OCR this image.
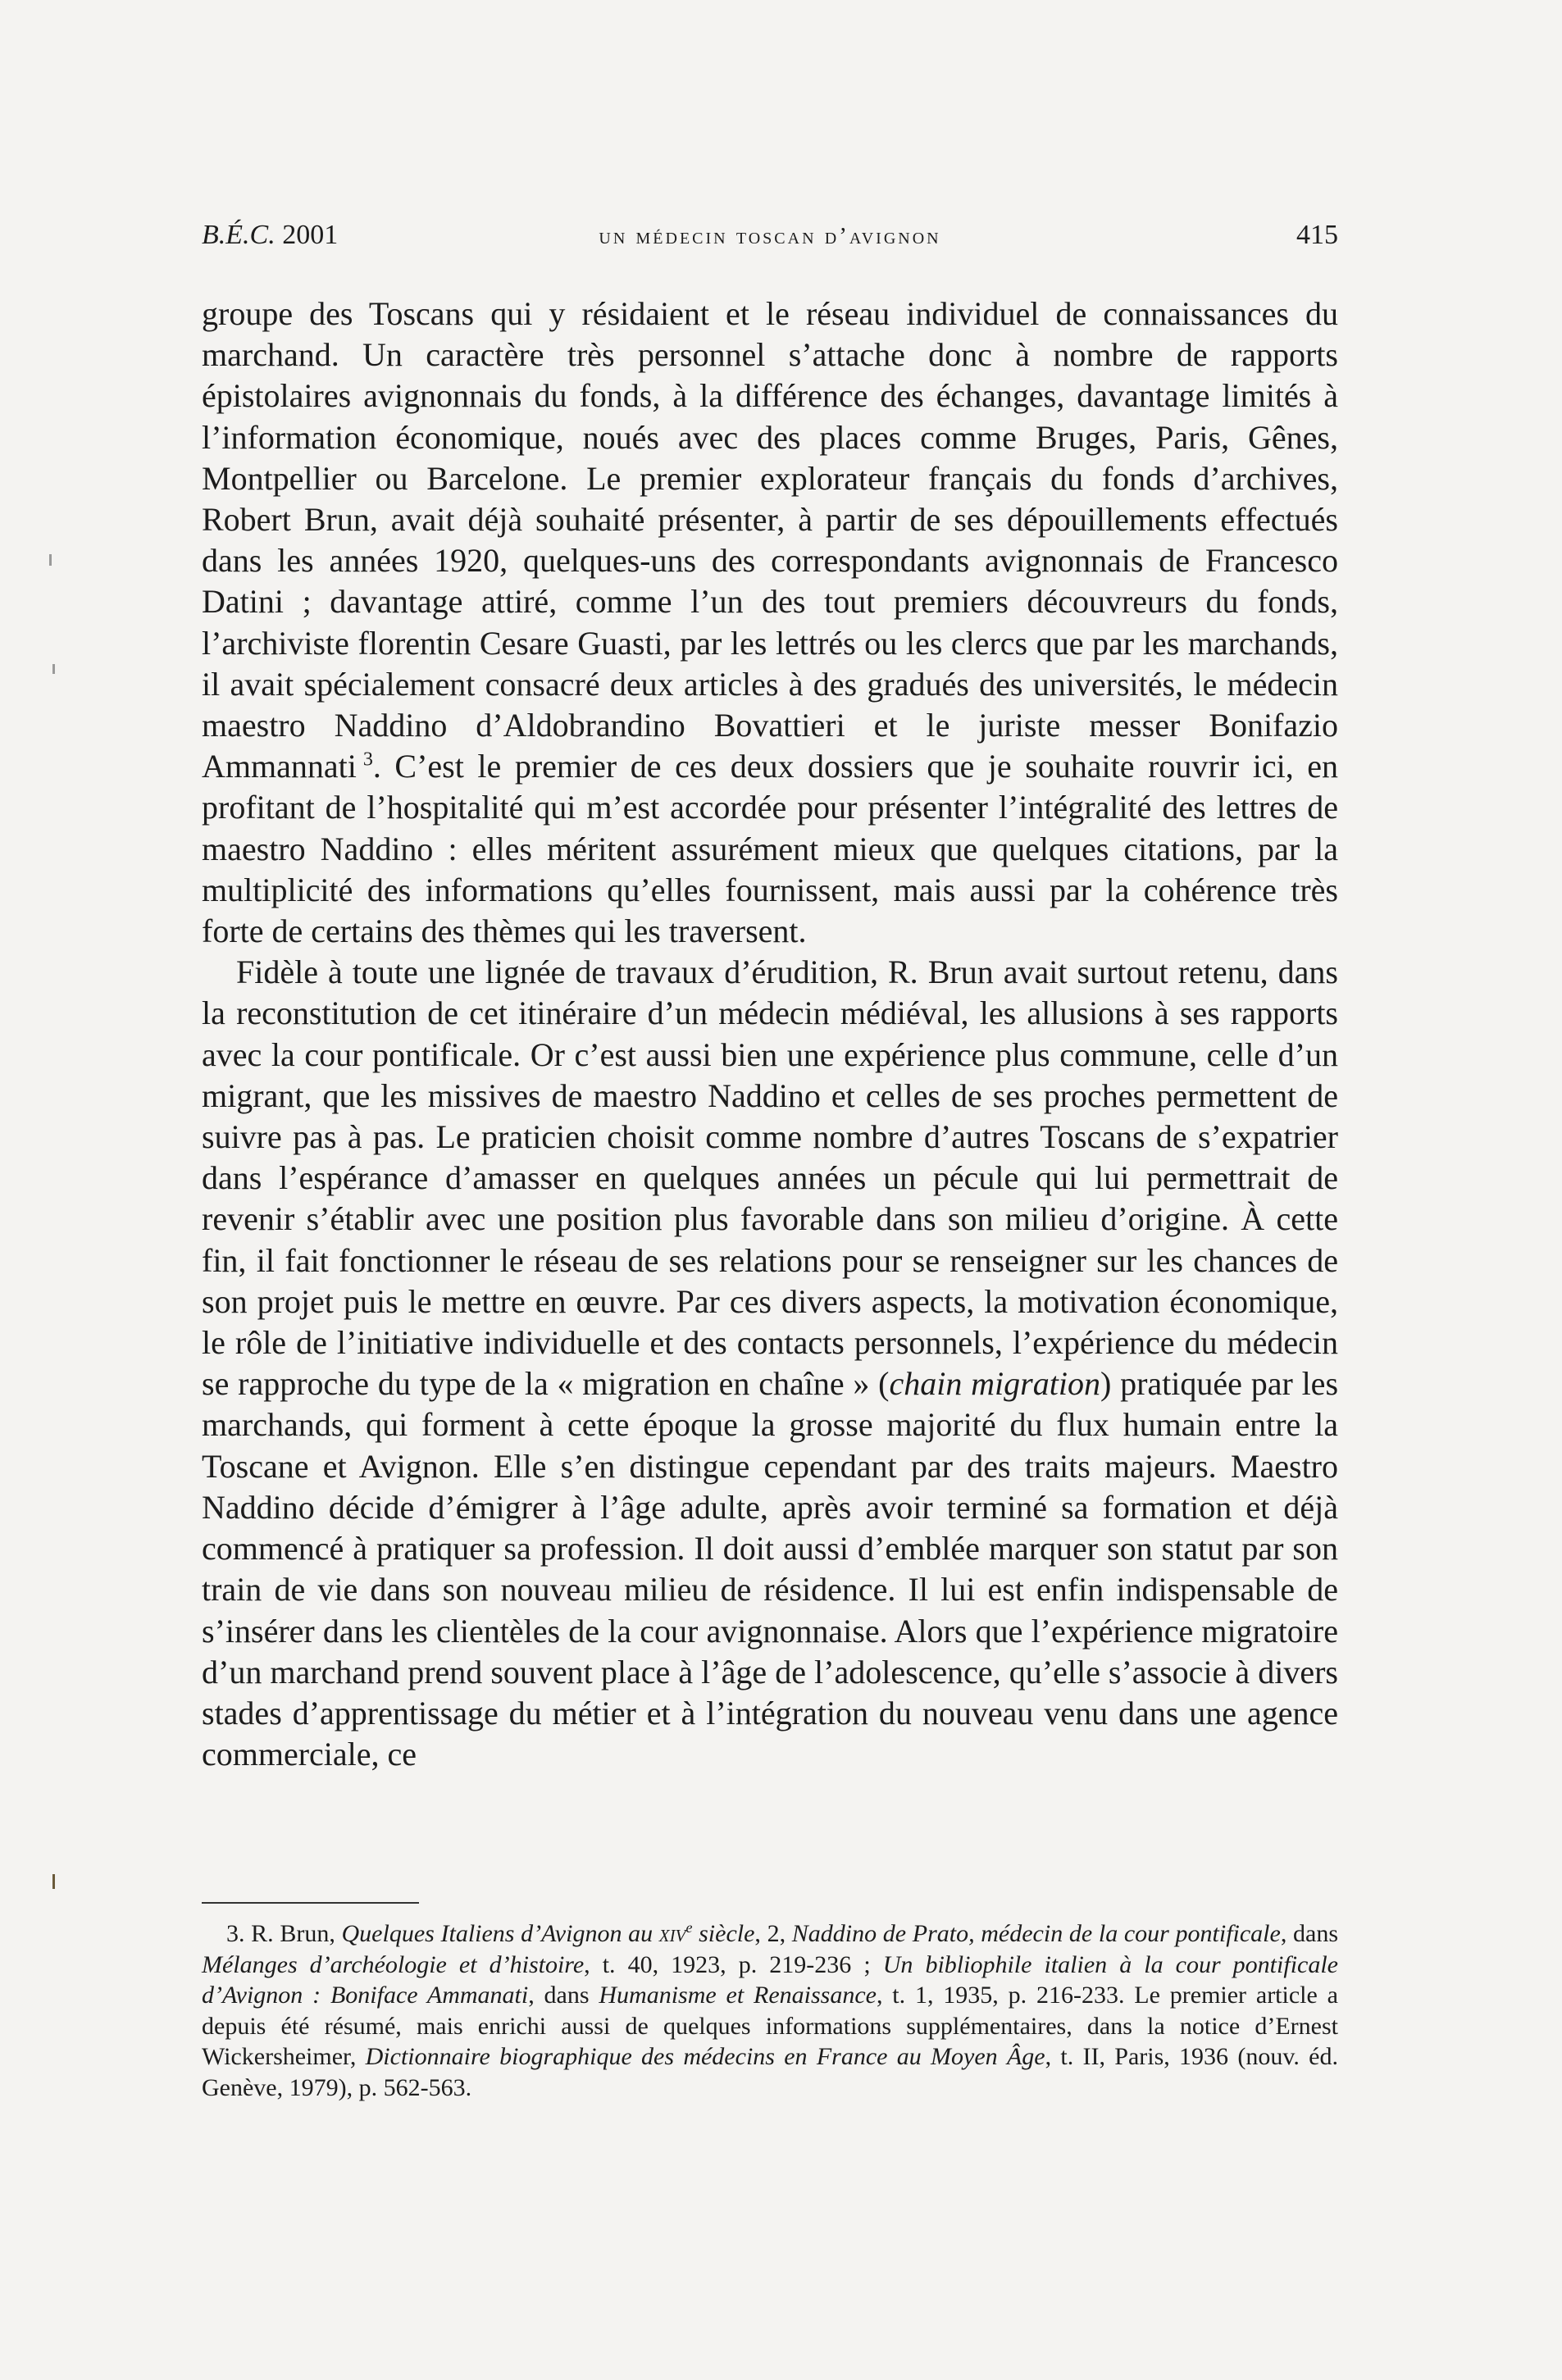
B.É.C. 2001	un médecin toscan d’avignon	415

groupe des Toscans qui y résidaient et le réseau individuel de connaissances du marchand. Un caractère très personnel s’attache donc à nombre de rapports épistolaires avignonnais du fonds, à la différence des échanges, davantage limités à l’information économique, noués avec des places comme Bruges, Paris, Gênes, Montpellier ou Barcelone. Le premier explorateur français du fonds d’archives, Robert Brun, avait déjà souhaité présenter, à partir de ses dépouillements effectués dans les années 1920, quelques-uns des correspondants avignonnais de Francesco Datini ; davantage attiré, comme l’un des tout premiers découvreurs du fonds, l’archiviste florentin Cesare Guasti, par les lettrés ou les clercs que par les marchands, il avait spécialement consacré deux articles à des gradués des universités, le médecin maestro Naddino d’Aldobrandino Bovattieri et le juriste messer Bonifazio Ammannati  $^3$. C’est le premier de ces deux dossiers que je souhaite rouvrir ici, en profitant de l’hospitalité qui m’est accordée pour présenter l’intégralité des lettres de maestro Naddino : elles méritent assurément mieux que quelques citations, par la multiplicité des informations qu’elles fournissent, mais aussi par la cohérence très forte de certains des thèmes qui les traversent.

Fidèle à toute une lignée de travaux d’érudition, R. Brun avait surtout retenu, dans la reconstitution de cet itinéraire d’un médecin médiéval, les allusions à ses rapports avec la cour pontificale. Or c’est aussi bien une expérience plus commune, celle d’un migrant, que les missives de maestro Naddino et celles de ses proches permettent de suivre pas à pas. Le praticien choisit comme nombre d’autres Toscans de s’expatrier dans l’espérance d’amasser en quelques années un pécule qui lui permettrait de revenir s’établir avec une position plus favorable dans son milieu d’origine. À cette fin, il fait fonctionner le réseau de ses relations pour se renseigner sur les chances de son projet puis le mettre en œuvre. Par ces divers aspects, la motivation économique, le rôle de l’initiative individuelle et des contacts personnels, l’expérience du médecin se rapproche du type de la « migration en chaîne » (chain migration) pratiquée par les marchands, qui forment à cette époque la grosse majorité du flux humain entre la Toscane et Avignon. Elle s’en distingue cependant par des traits majeurs. Maestro Naddino décide d’émigrer à l’âge adulte, après avoir terminé sa formation et déjà commencé à pratiquer sa profession. Il doit aussi d’emblée marquer son statut par son train de vie dans son nouveau milieu de résidence. Il lui est enfin indispensable de s’insérer dans les clientèles de la cour avignonnaise. Alors que l’expérience migratoire d’un marchand prend souvent place à l’âge de l’adolescence, qu’elle s’associe à divers stades d’apprentissage du métier et à l’intégration du nouveau venu dans une agence commerciale, ce

3. R. Brun, Quelques Italiens d’Avignon au xiv$^e$ siècle, 2, Naddino de Prato, médecin de la cour pontificale, dans Mélanges d’archéologie et d’histoire, t. 40, 1923, p. 219-236 ; Un bibliophile italien à la cour pontificale d’Avignon : Boniface Ammanati, dans Humanisme et Renaissance, t. 1, 1935, p. 216-233. Le premier article a depuis été résumé, mais enrichi aussi de quelques informations supplémentaires, dans la notice d’Ernest Wickersheimer, Dictionnaire biographique des médecins en France au Moyen Âge, t. II, Paris, 1936 (nouv. éd. Genève, 1979), p. 562-563.
